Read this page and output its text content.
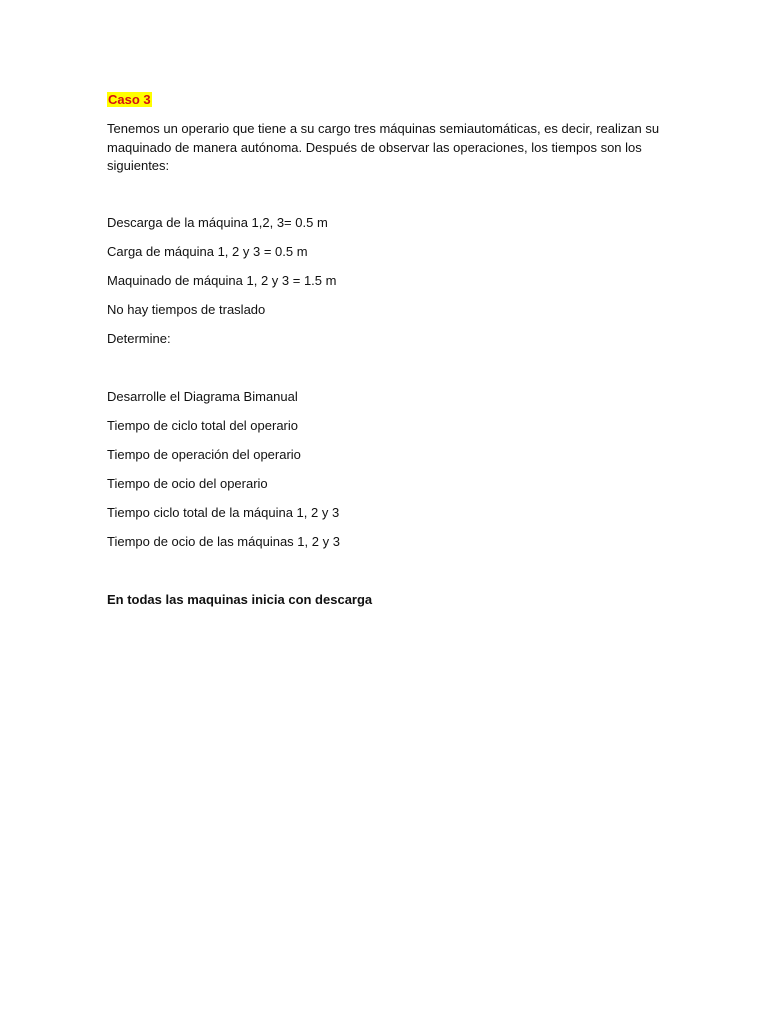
Caso 3

Tenemos un operario que tiene a su cargo tres máquinas semiautomáticas, es decir, realizan su maquinado de manera autónoma. Después de observar las operaciones, los tiempos son los siguientes:

Descarga de la máquina 1,2, 3= 0.5 m

Carga de máquina 1, 2 y 3 = 0.5 m

Maquinado de máquina 1, 2 y 3 = 1.5 m

No hay tiempos de traslado

Determine:

Desarrolle el Diagrama Bimanual

Tiempo de ciclo total del operario

Tiempo de operación del operario

Tiempo de ocio del operario

Tiempo ciclo total de la máquina 1, 2 y 3

Tiempo de ocio de las máquinas 1, 2 y 3

En todas las maquinas inicia con descarga
